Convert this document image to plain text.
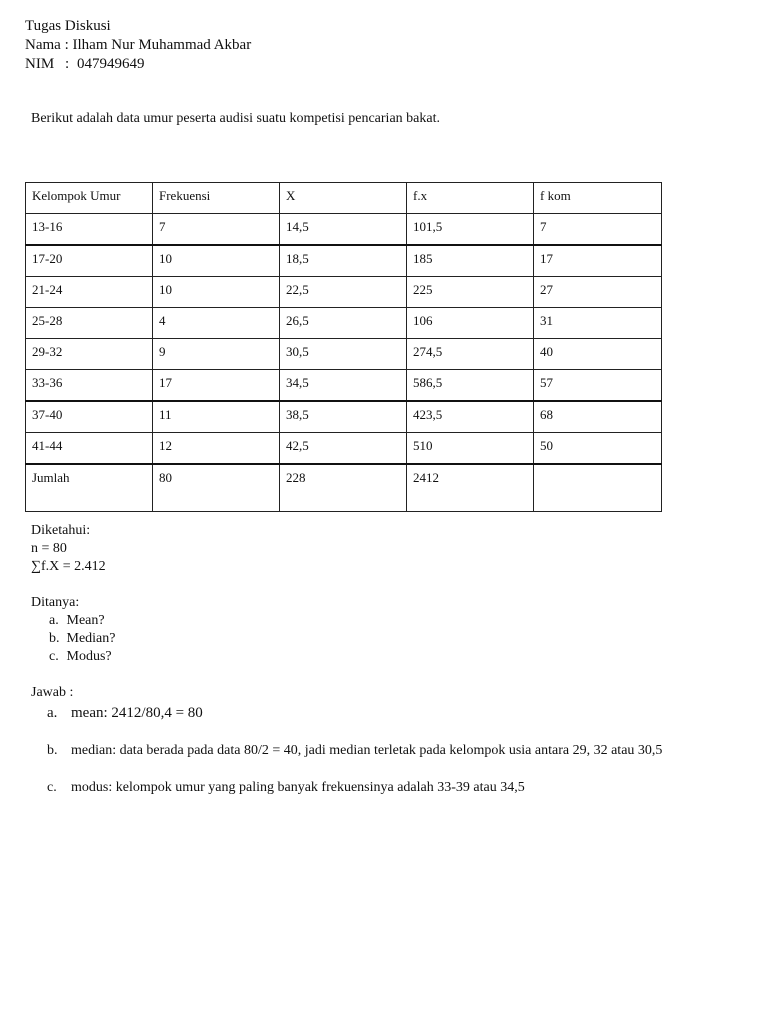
Tugas Diskusi
Nama : Ilham Nur Muhammad Akbar
NIM : 047949649
Berikut adalah data umur peserta audisi suatu kompetisi pencarian bakat.
Kelompok Umur	Frekuensi	X	f.x	f kom
13-16	7	14,5	101,5	7
17-20	10	18,5	185	17
21-24	10	22,5	225	27
25-28	4	26,5	106	31
29-32	9	30,5	274,5	40
33-36	17	34,5	586,5	57
37-40	11	38,5	423,5	68
41-44	12	42,5	510	50
Jumlah	80	228	2412	
Diketahui:
n = 80
∑f.X = 2.412
Ditanya:
a.
Mean?
b.
Median?
c.
Modus?
Jawab :
a. mean: 2412/80,4 = 80
b. median: data berada pada data 80/2 = 40, jadi median terletak pada kelompok usia antara 29, 32 atau 30,5
c.	modus: kelompok umur yang paling banyak frekuensinya adalah 33-39 atau 34,5
